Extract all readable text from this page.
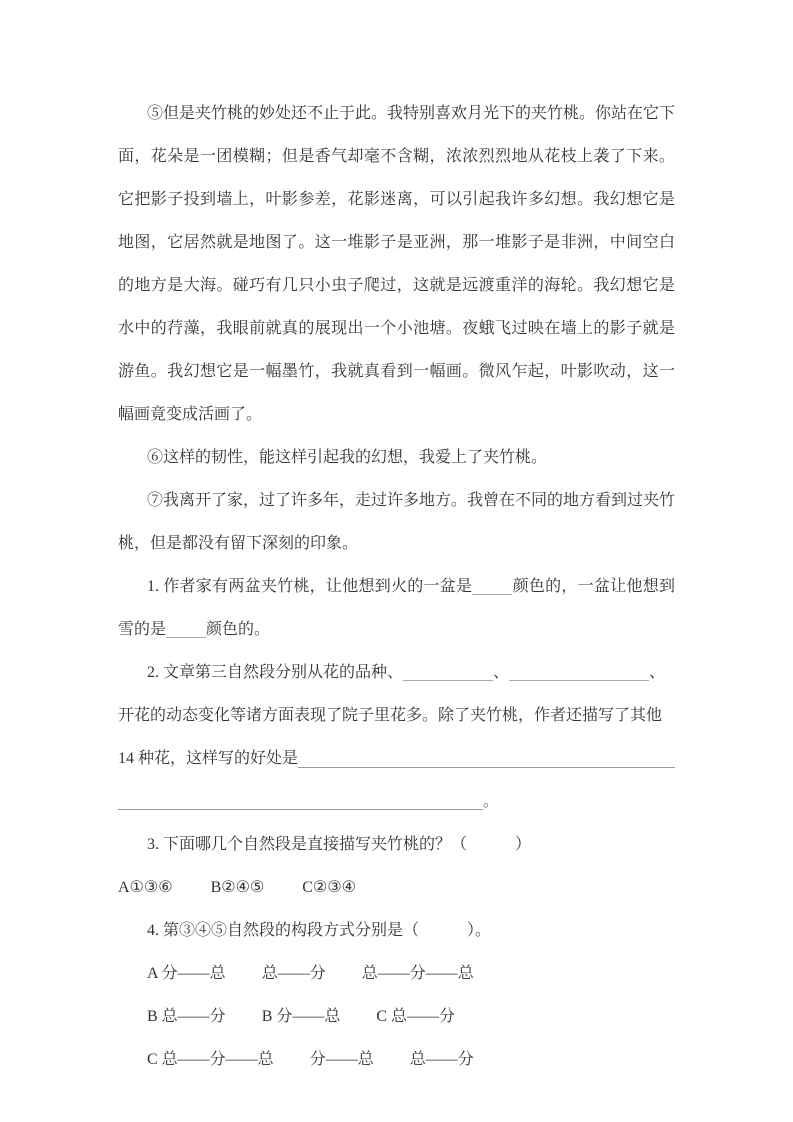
⑤但是夹竹桃的妙处还不止于此。我特别喜欢月光下的夹竹桃。你站在它下面，花朵是一团模糊；但是香气却毫不含糊，浓浓烈烈地从花枝上袭了下来。它把影子投到墙上，叶影参差，花影迷离，可以引起我许多幻想。我幻想它是地图，它居然就是地图了。这一堆影子是亚洲，那一堆影子是非洲，中间空白的地方是大海。碰巧有几只小虫子爬过，这就是远渡重洋的海轮。我幻想它是水中的荇藻，我眼前就真的展现出一个小池塘。夜蛾飞过映在墙上的影子就是游鱼。我幻想它是一幅墨竹，我就真看到一幅画。微风乍起，叶影吹动，这一幅画竟变成活画了。

⑥这样的韧性，能这样引起我的幻想，我爱上了夹竹桃。

⑦我离开了家，过了许多年，走过许多地方。我曾在不同的地方看到过夹竹桃，但是都没有留下深刻的印象。

1. 作者家有两盆夹竹桃，让他想到火的一盆是	颜色的，一盆让他想到雪的是	颜色的。

2. 文章第三自然段分别从花的品种、	、	、
开花的动态变化等诸方面表现了院子里花多。除了夹竹桃，作者还描写了其他
14 种花，这样写的好处是
。

3. 下面哪几个自然段是直接描写夹竹桃的？（　　　）

A①③⑥ B②④⑤ C②③④

4. 第③④⑤自然段的构段方式分别是（　　　）。

A 分——总 总——分 总——分——总
B 总——分 B 分——总 C 总——分
C 总——分——总 分——总 总——分
